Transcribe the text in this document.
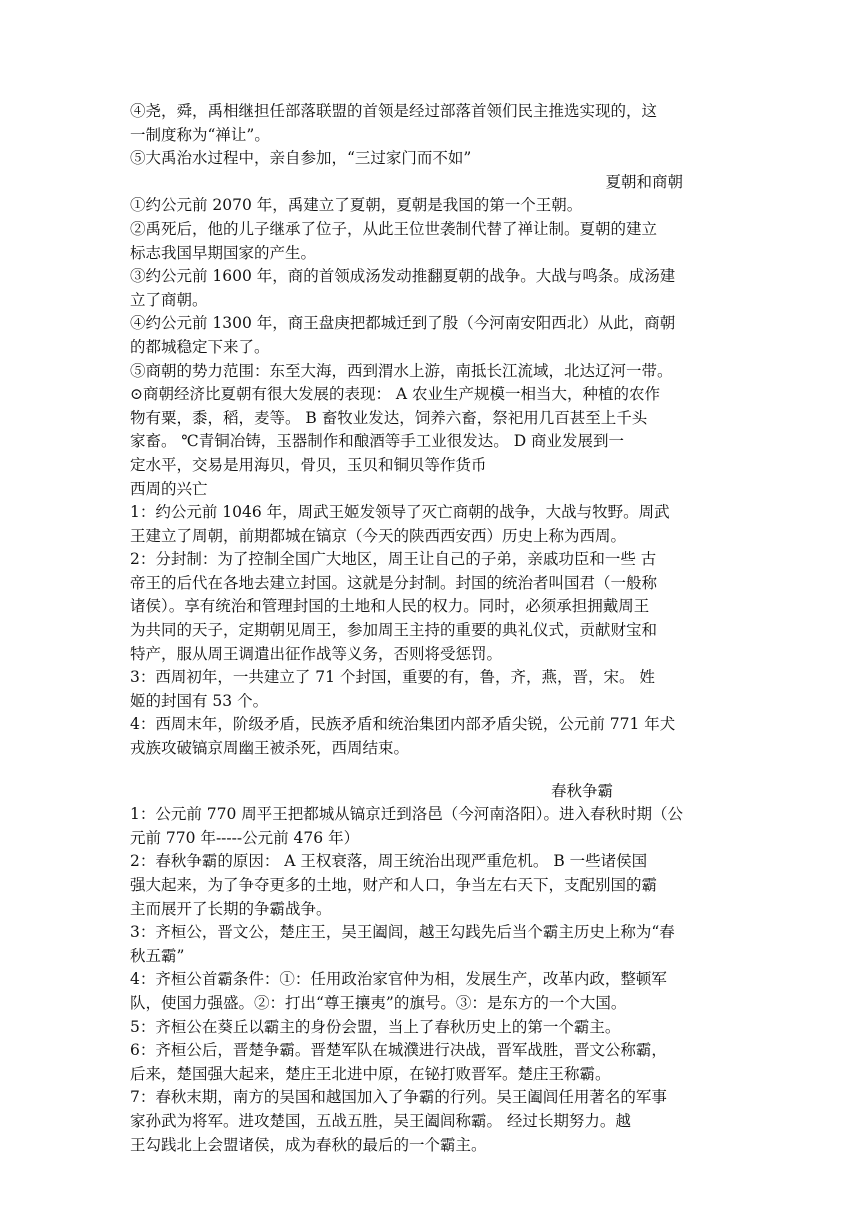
④尧，舜，禹相继担任部落联盟的首领是经过部落首领们民主推选实现的，这

一制度称为“禅让”。

⑤大禹治水过程中，亲自参加，“三过家门而不如”

夏朝和商朝

①约公元前 2070 年，禹建立了夏朝，夏朝是我国的第一个王朝。

②禹死后，他的儿子继承了位子，从此王位世袭制代替了禅让制。夏朝的建立

标志我国早期国家的产生。

③约公元前 1600 年，商的首领成汤发动推翻夏朝的战争。大战与鸣条。成汤建

立了商朝。

④约公元前 1300 年，商王盘庚把都城迁到了殷（今河南安阳西北）从此，商朝

的都城稳定下来了。

⑤商朝的势力范围：东至大海，西到渭水上游，南抵长江流域，北达辽河一带。

⊙商朝经济比夏朝有很大发展的表现： A 农业生产规模一相当大，种植的农作

物有粟，黍，稻，麦等。 B 畜牧业发达，饲养六畜，祭祀用几百甚至上千头

家畜。 ℃青铜冶铸，玉器制作和酿酒等手工业很发达。 D 商业发展到一

定水平，交易是用海贝，骨贝，玉贝和铜贝等作货币

西周的兴亡

1：约公元前 1046 年，周武王姬发领导了灭亡商朝的战争，大战与牧野。周武

王建立了周朝，前期都城在镐京（今天的陕西西安西）历史上称为西周。

2：分封制：为了控制全国广大地区，周王让自己的子弟，亲戚功臣和一些 古

帝王的后代在各地去建立封国。这就是分封制。封国的统治者叫国君（一般称

诸侯）。享有统治和管理封国的土地和人民的权力。同时，必须承担拥戴周王

为共同的天子，定期朝见周王，参加周王主持的重要的典礼仪式，贡献财宝和

特产，服从周王调遣出征作战等义务，否则将受惩罚。

3：西周初年，一共建立了 71 个封国，重要的有，鲁，齐，燕，晋，宋。 姓

姬的封国有 53 个。

4：西周末年，阶级矛盾，民族矛盾和统治集团内部矛盾尖锐，公元前 771 年犬

戎族攻破镐京周幽王被杀死，西周结束。

春秋争霸

1：公元前 770 周平王把都城从镐京迁到洛邑（今河南洛阳）。进入春秋时期（公

元前 770 年-----公元前 476 年）

2：春秋争霸的原因： A 王权衰落，周王统治出现严重危机。 B 一些诸侯国

强大起来，为了争夺更多的土地，财产和人口，争当左右天下，支配别国的霸

主而展开了长期的争霸战争。

3：齐桓公，晋文公，楚庄王，吴王阖闾，越王勾践先后当个霸主历史上称为“春

秋五霸”

4：齐桓公首霸条件：①：任用政治家官仲为相，发展生产，改革内政，整顿军

队，使国力强盛。②：打出“尊王攘夷”的旗号。③：是东方的一个大国。

5：齐桓公在葵丘以霸主的身份会盟，当上了春秋历史上的第一个霸主。

6：齐桓公后，晋楚争霸。晋楚军队在城濮进行决战，晋军战胜，晋文公称霸，

后来，楚国强大起来，楚庄王北进中原，在铋打败晋军。楚庄王称霸。

7：春秋末期，南方的吴国和越国加入了争霸的行列。吴王阖闾任用著名的军事

家孙武为将军。进攻楚国，五战五胜，吴王阖闾称霸。 经过长期努力。越

王勾践北上会盟诸侯，成为春秋的最后的一个霸主。
